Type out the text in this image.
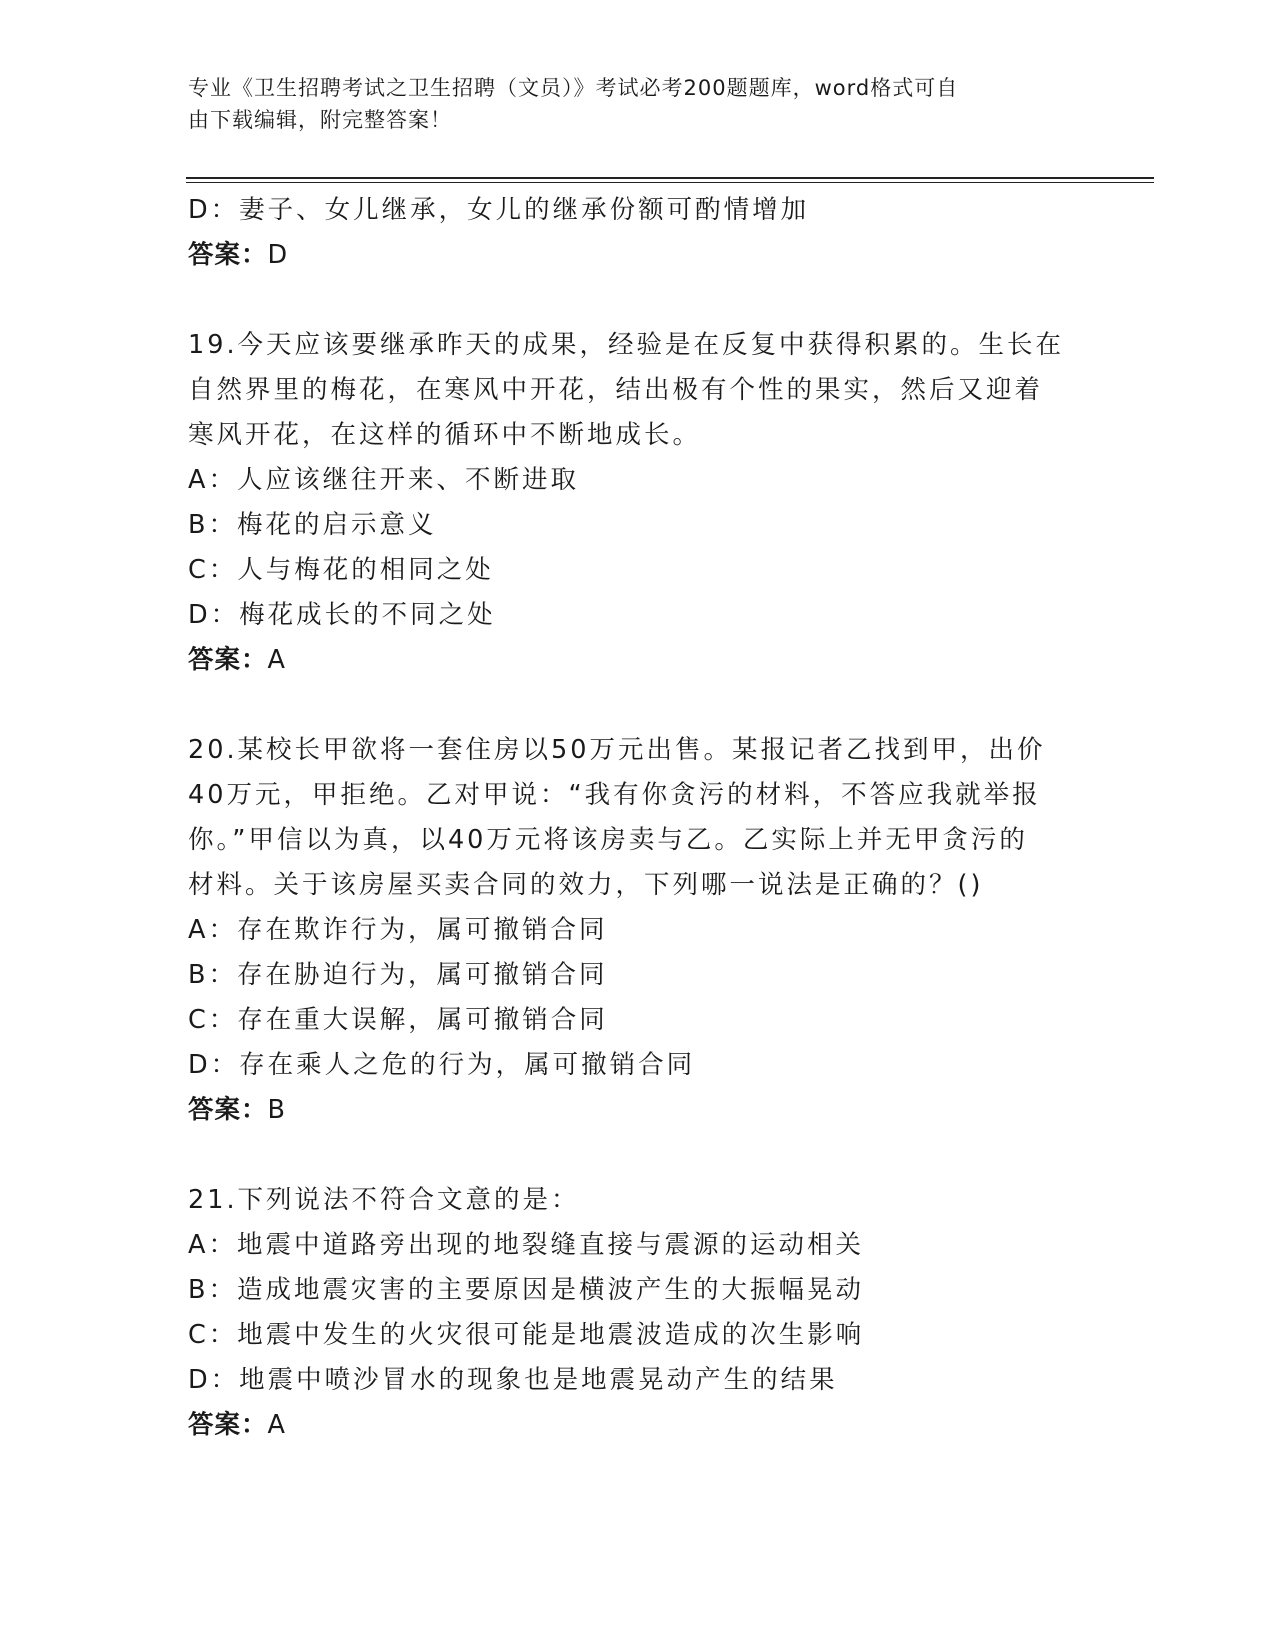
专业《卫生招聘考试之卫生招聘（文员）》考试必考200题题库，word格式可自
由下载编辑，附完整答案！
D：妻子、女儿继承，女儿的继承份额可酌情增加
答案：D
19.今天应该要继承昨天的成果，经验是在反复中获得积累的。生长在
自然界里的梅花，在寒风中开花，结出极有个性的果实，然后又迎着
寒风开花，在这样的循环中不断地成长。
A：人应该继往开来、不断进取
B：梅花的启示意义
C：人与梅花的相同之处
D：梅花成长的不同之处
答案：A
20.某校长甲欲将一套住房以50万元出售。某报记者乙找到甲，出价
40万元，甲拒绝。乙对甲说：“我有你贪污的材料，不答应我就举报
你。”甲信以为真，以40万元将该房卖与乙。乙实际上并无甲贪污的
材料。关于该房屋买卖合同的效力，下列哪一说法是正确的？()
A：存在欺诈行为，属可撤销合同
B：存在胁迫行为，属可撤销合同
C：存在重大误解，属可撤销合同
D：存在乘人之危的行为，属可撤销合同
答案：B
21.下列说法不符合文意的是：
A：地震中道路旁出现的地裂缝直接与震源的运动相关
B：造成地震灾害的主要原因是横波产生的大振幅晃动
C：地震中发生的火灾很可能是地震波造成的次生影响
D：地震中喷沙冒水的现象也是地震晃动产生的结果
答案：A
